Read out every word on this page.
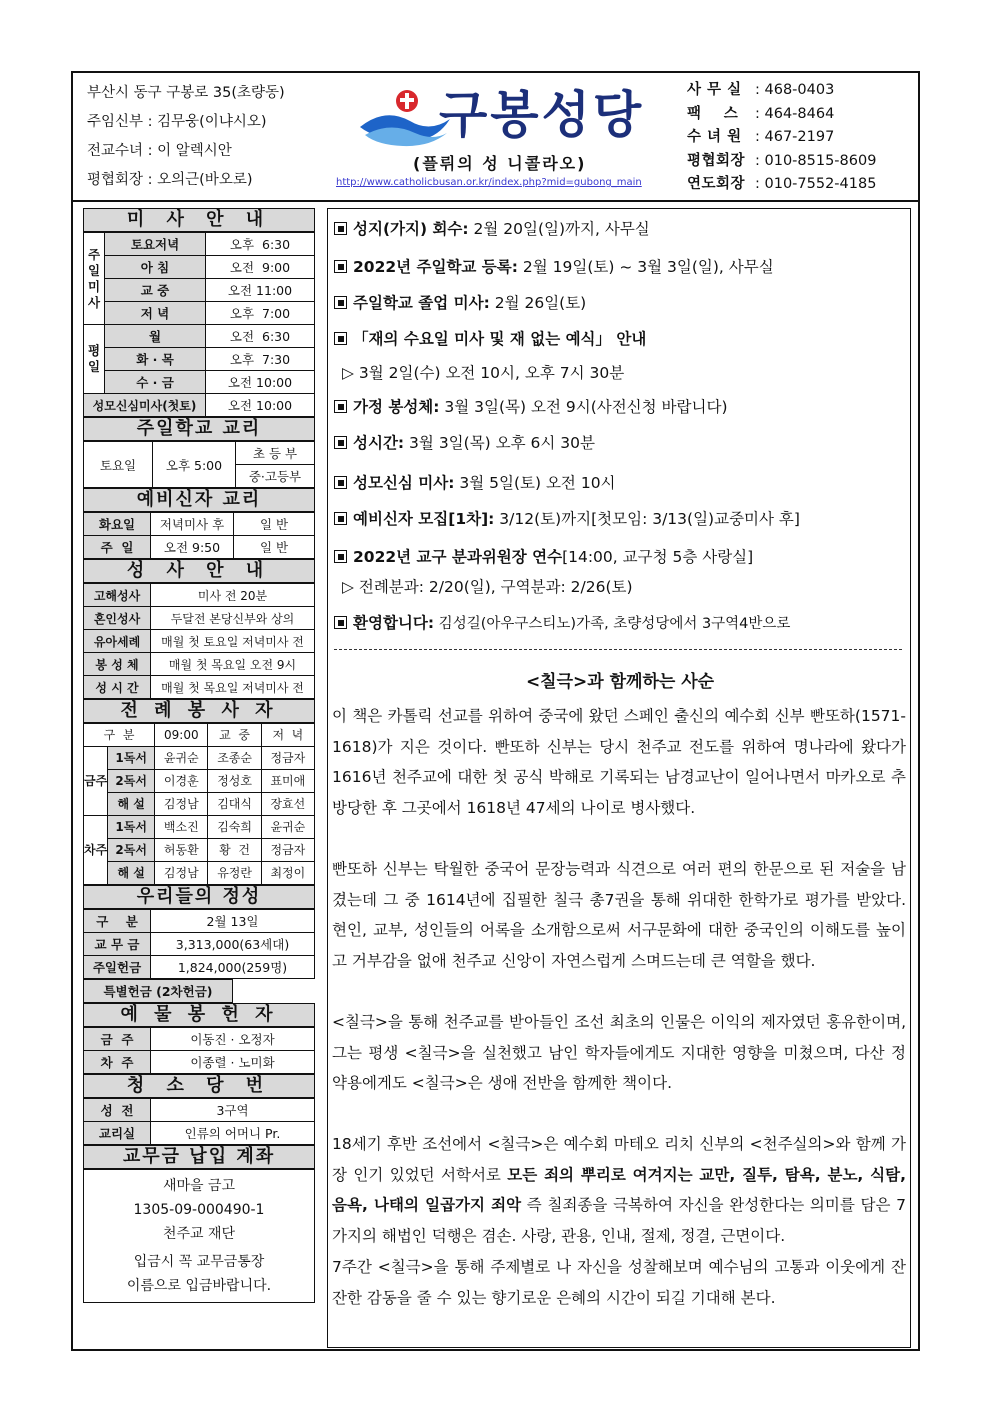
부산시 동구 구봉로 35(초량동)
주임신부 : 김무웅(이냐시오)
전교수녀 : 이 알렉시안
평협회장 : 오의근(바오로)
구봉성당
(플뤼의 성 니콜라오)
http://www.catholicbusan.or.kr/index.php?mid=gubong_main
사 무 실 : 468-0403
팩    스	: 464-8464
수 녀 원 : 467-2197
평협회장 : 010-8515-8609
연도회장 : 010-7552-4185
미 사 안 내
주
일
미
사	토요저녁	오후  6:30
	아 침	오전  9:00
	교 중	오전 11:00
	저 녁	오후  7:00
평
일	월	오전  6:30
	화 · 목	오후  7:30
	수 · 금	오전 10:00
성모신심미사(첫토)		오전 10:00
주일학교 교리
토요일	오후 5:00	초 등 부
중·고등부
예비신자 교리
화요일	저녁미사 후	일 반
주  일	오전 9:50	일 반
성 사 안 내
고해성사	미사 전 20분
혼인성사	두달전 본당신부와 상의
유아세례	매월 첫 토요일 저녁미사 전
봉 성 체	매월 첫 목요일 오전 9시
성 시 간	매월 첫 목요일 저녁미사 전
전 례 봉 사 자
구  분		09:00	교  중	저  녁
금주	1독서	윤귀순	조종순	정금자
	2독서	이경훈	정성호	표미애
	해 설	김정남	김대식	장효선
차주	1독서	백소진	김숙희	윤귀순
	2독서	허동환	황  건	정금자
	해 설	김정남	유정란	최정이
우리들의 정성
구    분	2월 13일
교 무 금	3,313,000(63세대)
주일헌금	1,824,000(259명)
특별헌금 (2차헌금)
예 물 봉 헌 자
금  주	이동진 · 오정자
차  주	이종렬 · 노미화
청 소 당 번
성  전	3구역
교리실	인류의 어머니 Pr.
교무금 납입 계좌
새마을 금고
1305-09-000490-1
천주교 재단
입금시 꼭 교무금통장
이름으로 입금바랍니다.
성지(가지) 회수: 2월 20일(일)까지, 사무실
2022년 주일학교 등록: 2월 19일(토) ~ 3월 3일(일), 사무실
주일학교 졸업 미사: 2월 26일(토)
「재의 수요일 미사 및 재 없는 예식」 안내
▷ 3월 2일(수) 오전 10시, 오후 7시 30분
가정 봉성체: 3월 3일(목) 오전 9시(사전신청 바랍니다)
성시간: 3월 3일(목) 오후 6시 30분
성모신심 미사: 3월 5일(토) 오전 10시
예비신자 모집[1차]: 3/12(토)까지[첫모임: 3/13(일)교중미사 후]
2022년 교구 분과위원장 연수[14:00, 교구청 5층 사랑실]
▷ 전례분과: 2/20(일), 구역분과: 2/26(토)
환영합니다: 김성길(아우구스티노)가족, 초량성당에서 3구역4반으로
<칠극>과 함께하는 사순
이 책은 카톨릭 선교를 위하여 중국에 왔던 스페인 출신의 예수회 신부 빤또하(1571-1618)가 지은 것이다. 빤또하 신부는 당시 천주교 전도를 위하여 명나라에 왔다가 1616년 천주교에 대한 첫 공식 박해로 기록되는 남경교난이 일어나면서 마카오로 추방당한 후 그곳에서 1618년 47세의 나이로 병사했다.
빤또하 신부는 탁월한 중국어 문장능력과 식견으로 여러 편의 한문으로 된 저술을 남겼는데 그 중 1614년에 집필한 칠극 총7권을 통해 위대한 한학가로 평가를 받았다. 현인, 교부, 성인들의 어록을 소개함으로써 서구문화에 대한 중국인의 이해도를 높이고 거부감을 없애 천주교 신앙이 자연스럽게 스며드는데 큰 역할을 했다.
<칠극>을 통해 천주교를 받아들인 조선 최초의 인물은 이익의 제자였던 홍유한이며, 그는 평생 <칠극>을 실천했고 남인 학자들에게도 지대한 영향을 미쳤으며, 다산 정약용에게도 <칠극>은 생애 전반을 함께한 책이다.
18세기 후반 조선에서 <칠극>은 예수회 마테오 리치 신부의 <천주실의>와 함께 가장 인기 있었던 서학서로 모든 죄의 뿌리로 여겨지는 교만, 질투, 탐욕, 분노, 식탐, 음욕, 나태의 일곱가지 죄악 즉 칠죄종을 극복하여 자신을 완성한다는 의미를 담은 7가지의 해법인 덕행은 겸손. 사랑, 관용, 인내, 절제, 정결, 근면이다.
7주간 <칠극>을 통해 주제별로 나 자신을 성찰해보며 예수님의 고통과 이웃에게 잔잔한 감동을 줄 수 있는 향기로운 은혜의 시간이 되길 기대해 본다.
